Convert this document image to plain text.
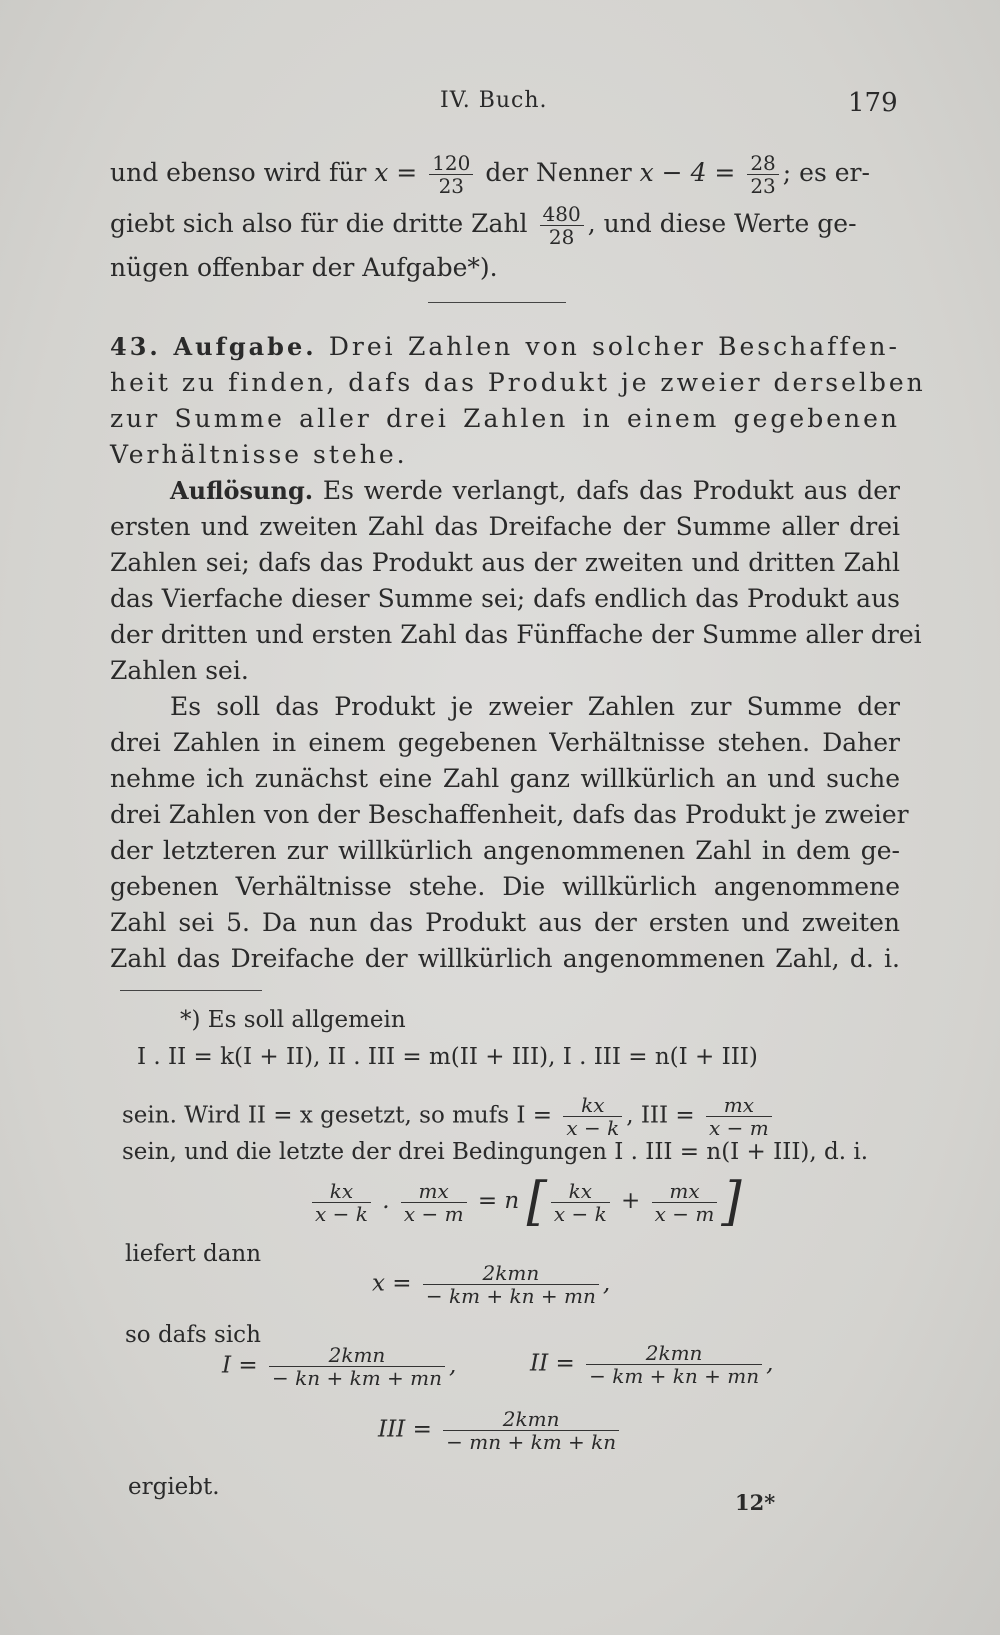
IV. Buch.	179
und ebenso wird für $x = \frac{120}{23}$ der Nenner $x - 4 = \frac{28}{23}$ ; es er-
giebt sich also für die dritte Zahl $\frac{480}{28}$ , und diese Werte ge-
nügen offenbar der Aufgabe*).
43. Aufgabe. Drei Zahlen von solcher Beschaffen-
heit zu finden, dafs das Produkt je zweier derselben
zur Summe aller drei Zahlen in einem gegebenen
Verhältnisse stehe.
Auflösung. Es werde verlangt, dafs das Produkt aus der
ersten und zweiten Zahl das Dreifache der Summe aller drei
Zahlen sei; dafs das Produkt aus der zweiten und dritten Zahl
das Vierfache dieser Summe sei; dafs endlich das Produkt aus
der dritten und ersten Zahl das Fünffache der Summe aller drei
Zahlen sei.
Es soll das Produkt je zweier Zahlen zur Summe der
drei Zahlen in einem gegebenen Verhältnisse stehen. Daher
nehme ich zunächst eine Zahl ganz willkürlich an und suche
drei Zahlen von der Beschaffenheit, dafs das Produkt je zweier
der letzteren zur willkürlich angenommenen Zahl in dem ge-
gebenen Verhältnisse stehe. Die willkürlich angenommene
Zahl sei 5. Da nun das Produkt aus der ersten und zweiten
Zahl das Dreifache der willkürlich angenommenen Zahl, d. i.
*) Es soll allgemein
I . II = k(I + II), II . III = m(II + III), I . III = n(I + III)
sein. Wird II = x gesetzt, so mufs $I = \frac{kx}{x - k}$ , III = $\frac{mx}{x - m}$
sein, und die letzte der drei Bedingungen I . III = n(I + III), d. i.
$\frac{kx}{x - k}$ . $\frac{mx}{x - m} = n$ [ $\frac{kx}{x - k} + \frac{mx}{x - m}$ ]
liefert dann
$x = \frac{\text{2kmn}}{- km + kn + mn}$ ,
so dafs sich
$I = \frac{\text{2kmn}}{- kn + km + mn}$ ,	II = $\frac{\text{2kmn}}{- km + kn + mn}$ ,
III = $\frac{\text{2kmn}}{- mn + km + kn}$
ergiebt.
12*
